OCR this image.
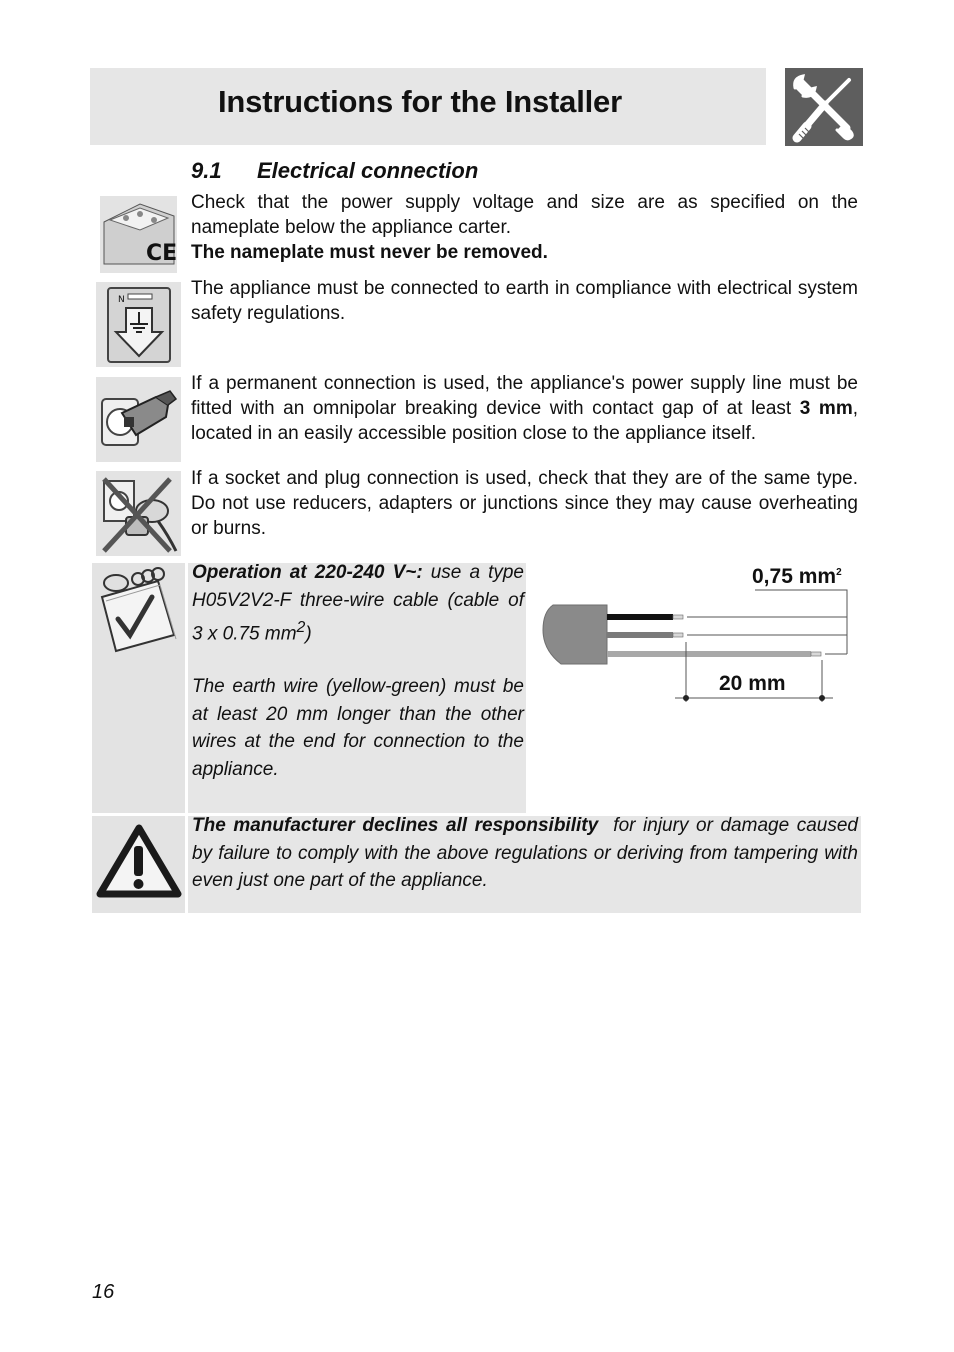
Instructions for the Installer
9.1 Electrical connection
CE
Check that the power supply voltage and size are as specified on the nameplate below the appliance carter.
The nameplate must never be removed.
N
The appliance must be connected to earth in compliance with electrical system safety regulations.
If a permanent connection is used, the appliance's power supply line must be fitted with an omnipolar breaking device with contact gap of at least 3 mm, located in an easily accessible position close to the appliance itself.
If a socket and plug connection is used, check that they are of the same type. Do not use reducers, adapters or junctions since they may cause overheating or burns.
Operation at 220-240 V~: use a type H05V2V2-F three-wire cable (cable of 3 x 0.75 $mm^2$)
The earth wire (yellow-green) must be at least 20 mm longer than the other wires at the end for connection to the appliance.
0,75 $mm^2$
20 mm
The manufacturer declines all responsibility  for injury or damage caused by failure to comply with the above regulations or deriving from tampering with even just one part of the appliance.
16
